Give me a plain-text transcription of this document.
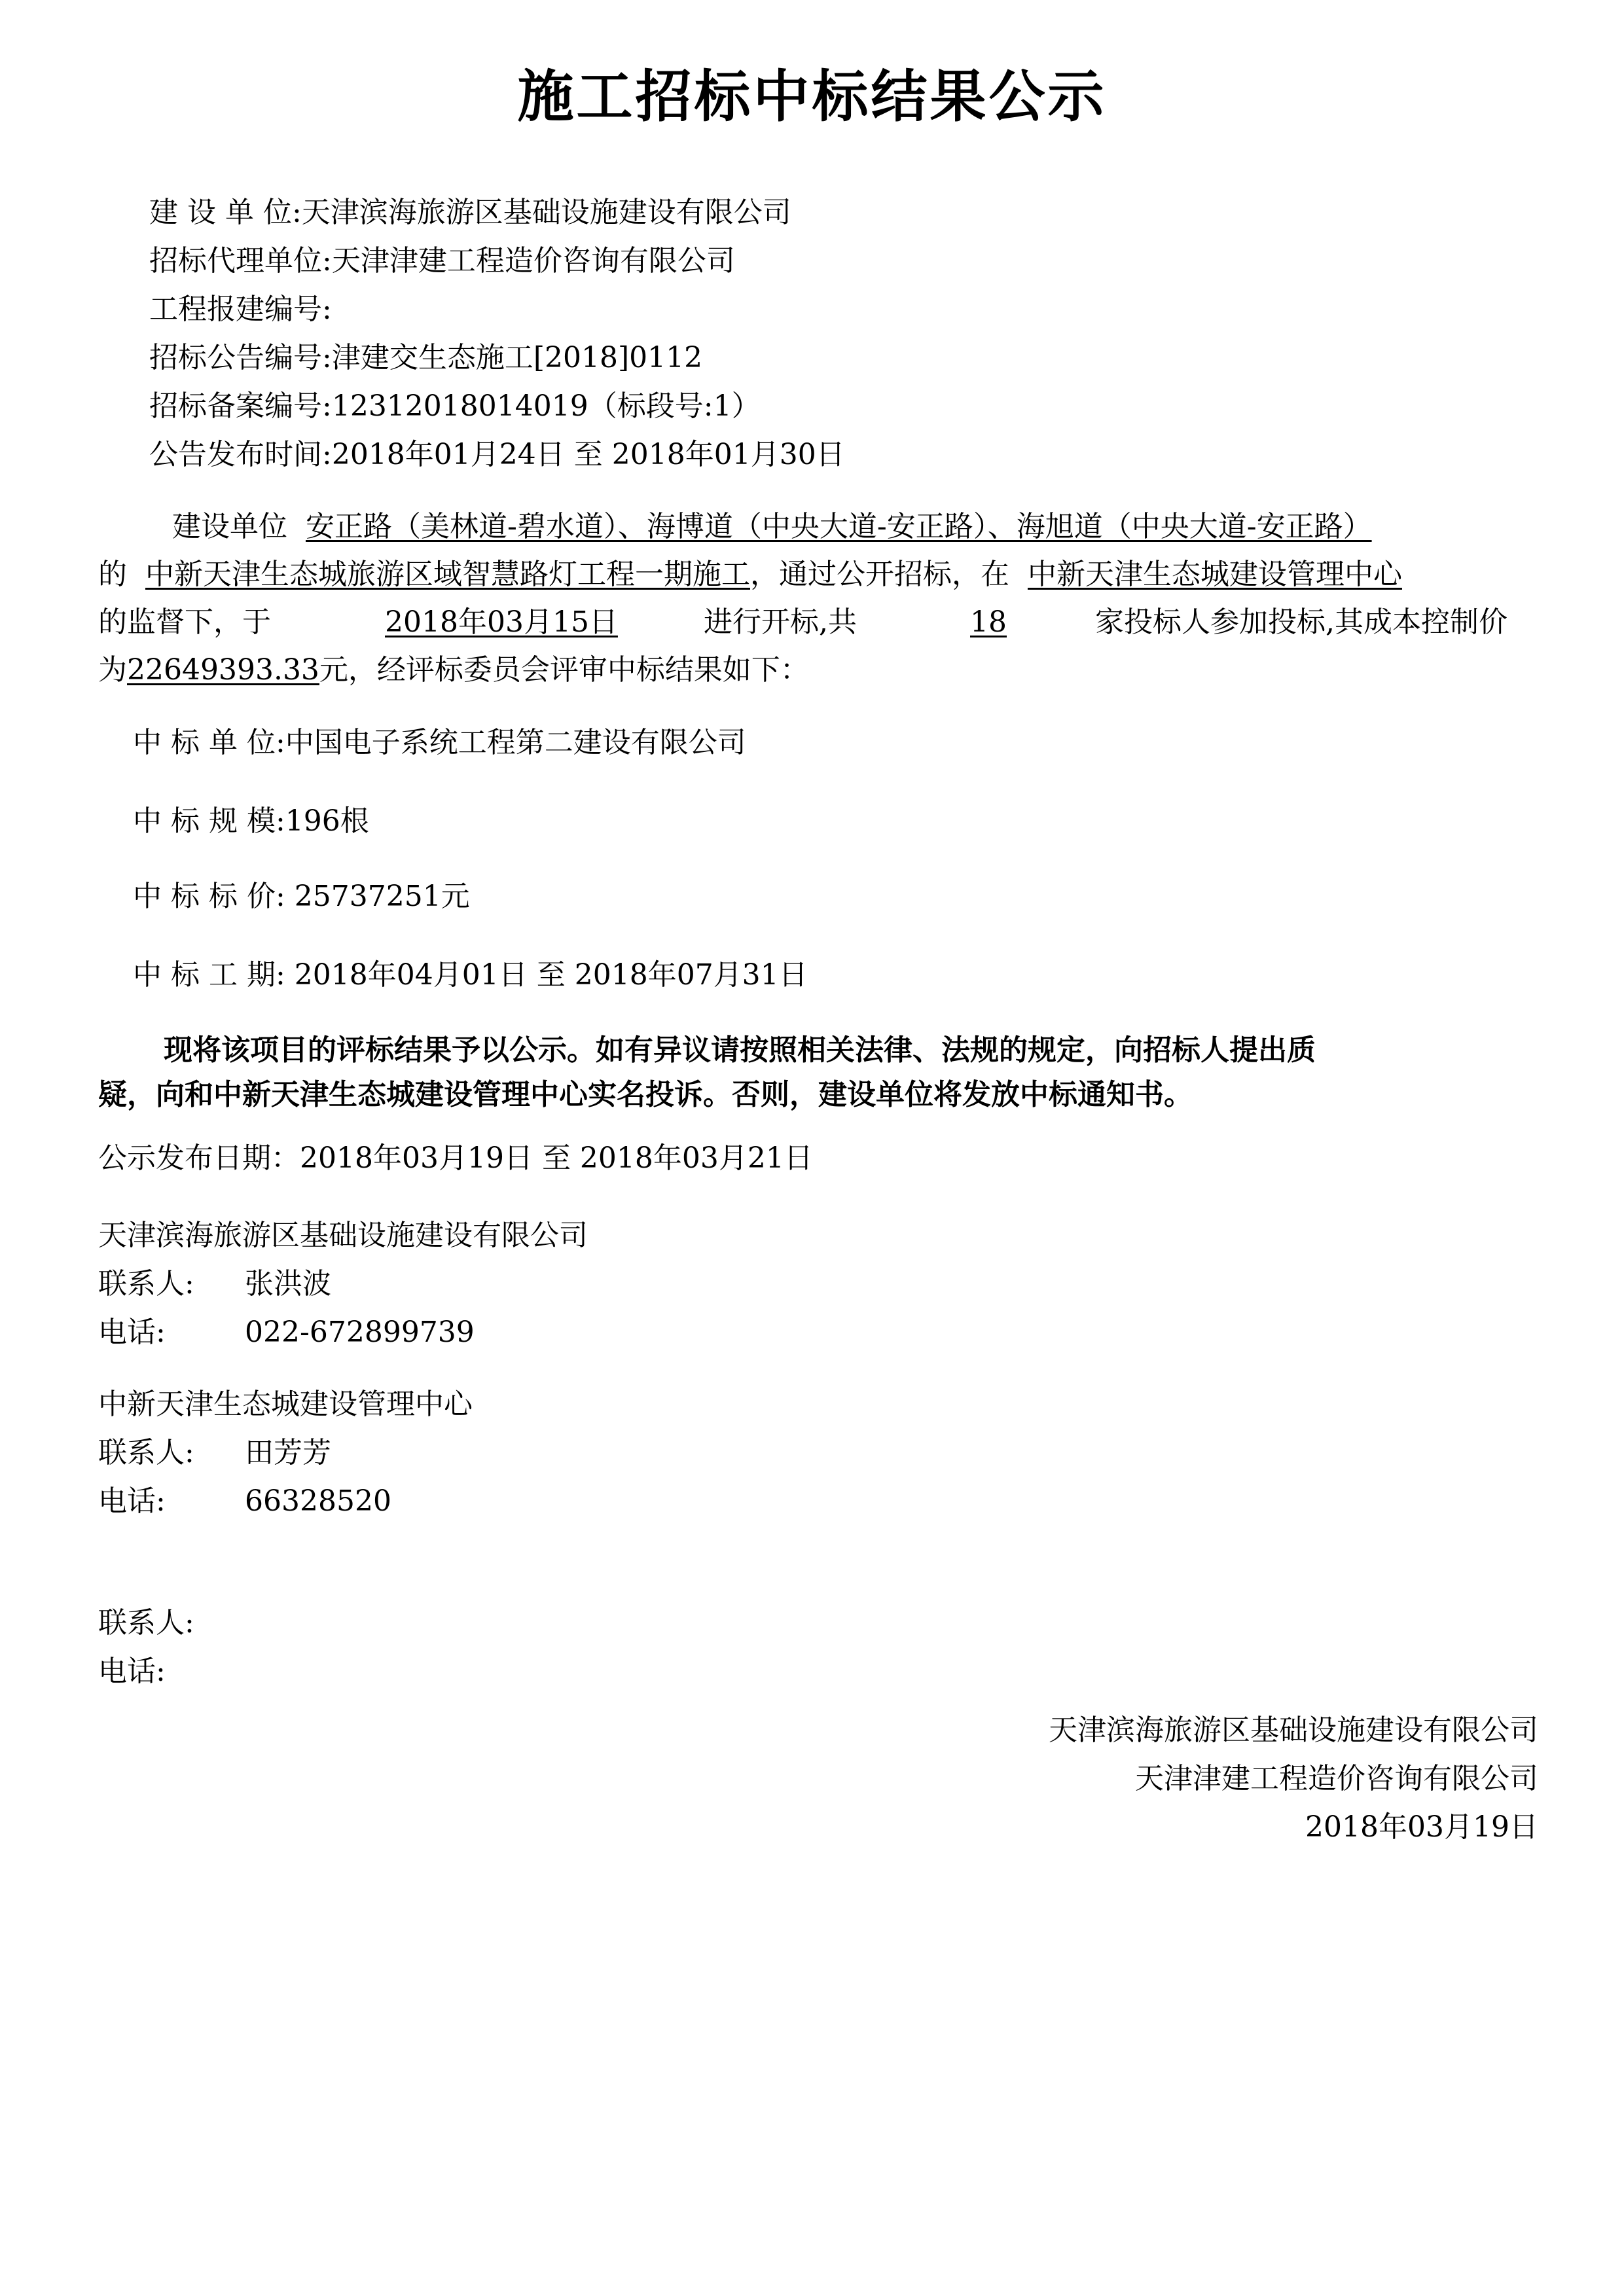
施工招标中标结果公示
建 设 单 位:天津滨海旅游区基础设施建设有限公司
招标代理单位:天津津建工程造价咨询有限公司
工程报建编号:
招标公告编号:津建交生态施工[2018]0112
招标备案编号:12312018014019（标段号:1）
公告发布时间:2018年01月24日 至 2018年01月30日
建设单位 安正路（美林道-碧水道）、海博道（中央大道-安正路）、海旭道（中央大道-安正路）
的 中新天津生态城旅游区域智慧路灯工程一期施工，通过公开招标，在 中新天津生态城建设管理中心
的监督下，于	2018年03月15日	进行开标,共	18	家投标人参加投标,其成本控制价
为22649393.33元，经评标委员会评审中标结果如下：
中 标 单 位:中国电子系统工程第二建设有限公司
中 标 规 模:196根
中 标 标 价: 25737251元
中 标 工 期: 2018年04月01日 至 2018年07月31日
现将该项目的评标结果予以公示。如有异议请按照相关法律、法规的规定，向招标人提出质
疑，向和中新天津生态城建设管理中心实名投诉。否则，建设单位将发放中标通知书。
公示发布日期：2018年03月19日 至 2018年03月21日
天津滨海旅游区基础设施建设有限公司
联系人: 张洪波
电话:	022-672899739
中新天津生态城建设管理中心
联系人: 田芳芳
电话:	66328520
联系人:
电话:
天津滨海旅游区基础设施建设有限公司
天津津建工程造价咨询有限公司
2018年03月19日
